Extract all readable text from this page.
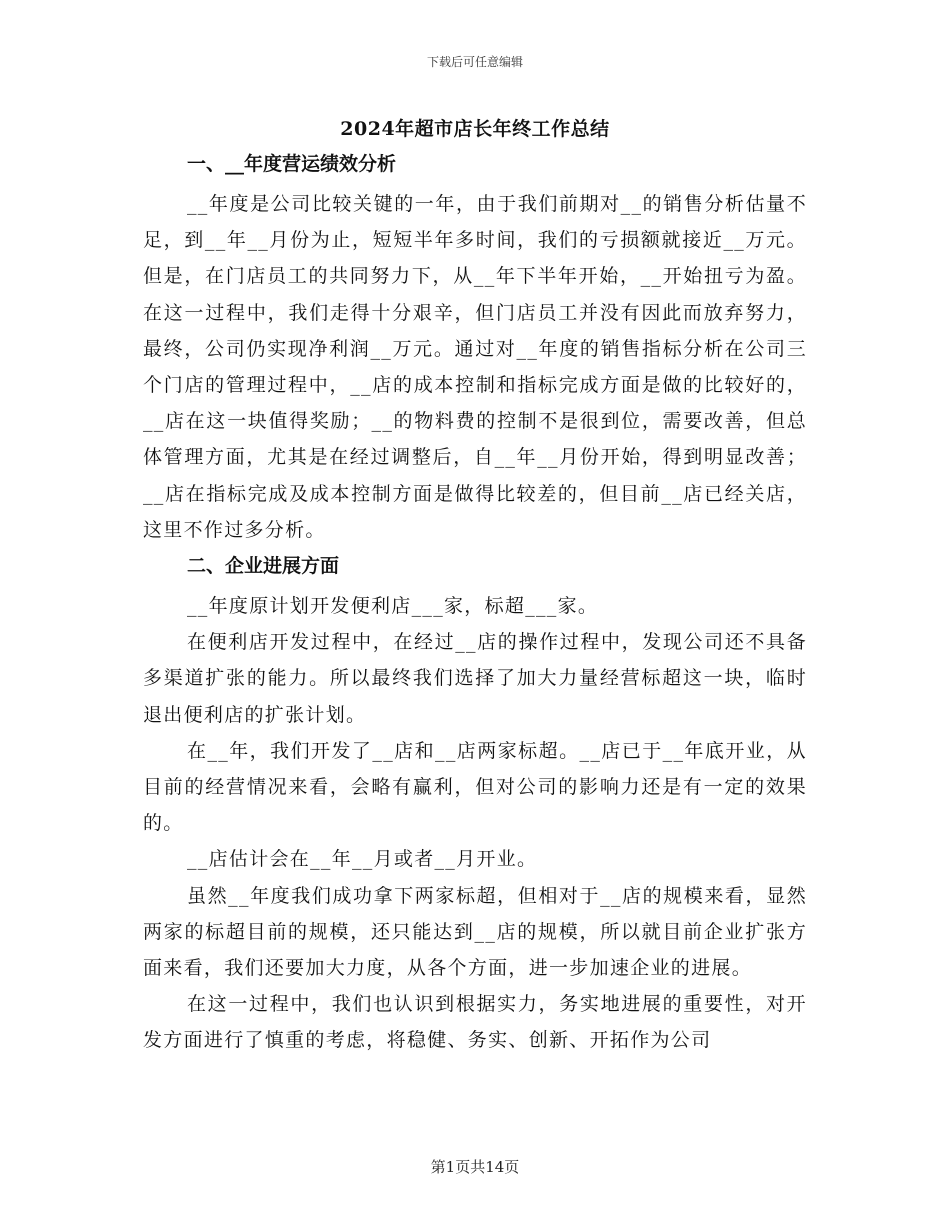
下载后可任意编辑
2024年超市店长年终工作总结
一、__年度营运绩效分析

__年度是公司比较关键的一年，由于我们前期对__的销售分析估量不足，到__年__月份为止，短短半年多时间，我们的亏损额就接近__万元。但是，在门店员工的共同努力下，从__年下半年开始，__开始扭亏为盈。在这一过程中，我们走得十分艰辛，但门店员工并没有因此而放弃努力，最终，公司仍实现净利润__万元。通过对__年度的销售指标分析在公司三个门店的管理过程中，__店的成本控制和指标完成方面是做的比较好的，__店在这一块值得奖励；__的物料费的控制不是很到位，需要改善，但总体管理方面，尤其是在经过调整后，自__年__月份开始，得到明显改善；__店在指标完成及成本控制方面是做得比较差的，但目前__店已经关店，这里不作过多分析。

二、企业进展方面

__年度原计划开发便利店___家，标超___家。

在便利店开发过程中，在经过__店的操作过程中，发现公司还不具备多渠道扩张的能力。所以最终我们选择了加大力量经营标超这一块，临时退出便利店的扩张计划。

在__年，我们开发了__店和__店两家标超。__店已于__年底开业，从目前的经营情况来看，会略有赢利，但对公司的影响力还是有一定的效果的。

__店估计会在__年__月或者__月开业。

虽然__年度我们成功拿下两家标超，但相对于__店的规模来看，显然两家的标超目前的规模，还只能达到__店的规模，所以就目前企业扩张方面来看，我们还要加大力度，从各个方面，进一步加速企业的进展。

在这一过程中，我们也认识到根据实力，务实地进展的重要性，对开发方面进行了慎重的考虑，将稳健、务实、创新、开拓作为公司

第1页共14页
